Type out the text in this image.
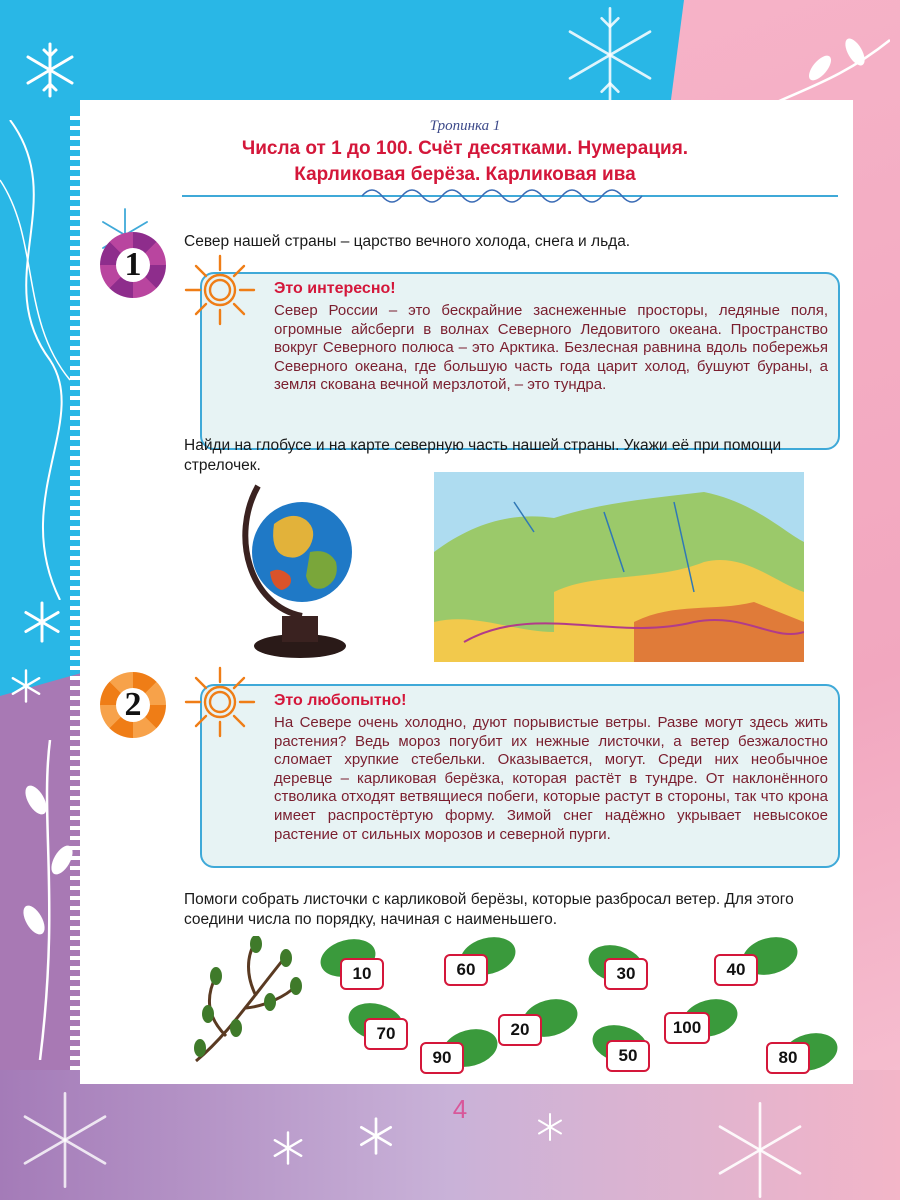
Тропинка 1
Числа от 1 до 100. Счёт десятками. Нумерация.
Карликовая берёза. Карликовая ива
1
Север нашей страны – царство вечного холода, снега и льда.
Это интересно!
Север России – это бескрайние заснеженные просторы, ледяные поля, огромные айсберги в волнах Северного Ледовитого океана. Пространство вокруг Северного полюса – это Арктика. Безлесная равнина вдоль побережья Северного океана, где большую часть года царит холод, бушуют бураны, а земля скована вечной мерзлотой, – это тундра.
Найди на глобусе и на карте северную часть нашей страны. Укажи её при помощи стрелочек.
2	Это любопытно!
На Севере очень холодно, дуют порывистые ветры. Разве могут здесь жить растения? Ведь мороз погубит их нежные листочки, а ветер безжалостно сломает хрупкие стебельки. Оказывается, могут. Среди них необычное деревце – карликовая берёзка, которая растёт в тундре. От наклонённого стволика отходят ветвящиеся побеги, которые растут в стороны, так что крона имеет распростёртую форму. Зимой снег надёжно укрывает невысокое растение от сильных морозов и северной пурги.
Помоги собрать листочки с карликовой берёзы, которые разбросал ветер. Для этого соедини числа по порядку, начиная с наименьшего.
10	60	30	40
70	20	100
90	50	80
4
